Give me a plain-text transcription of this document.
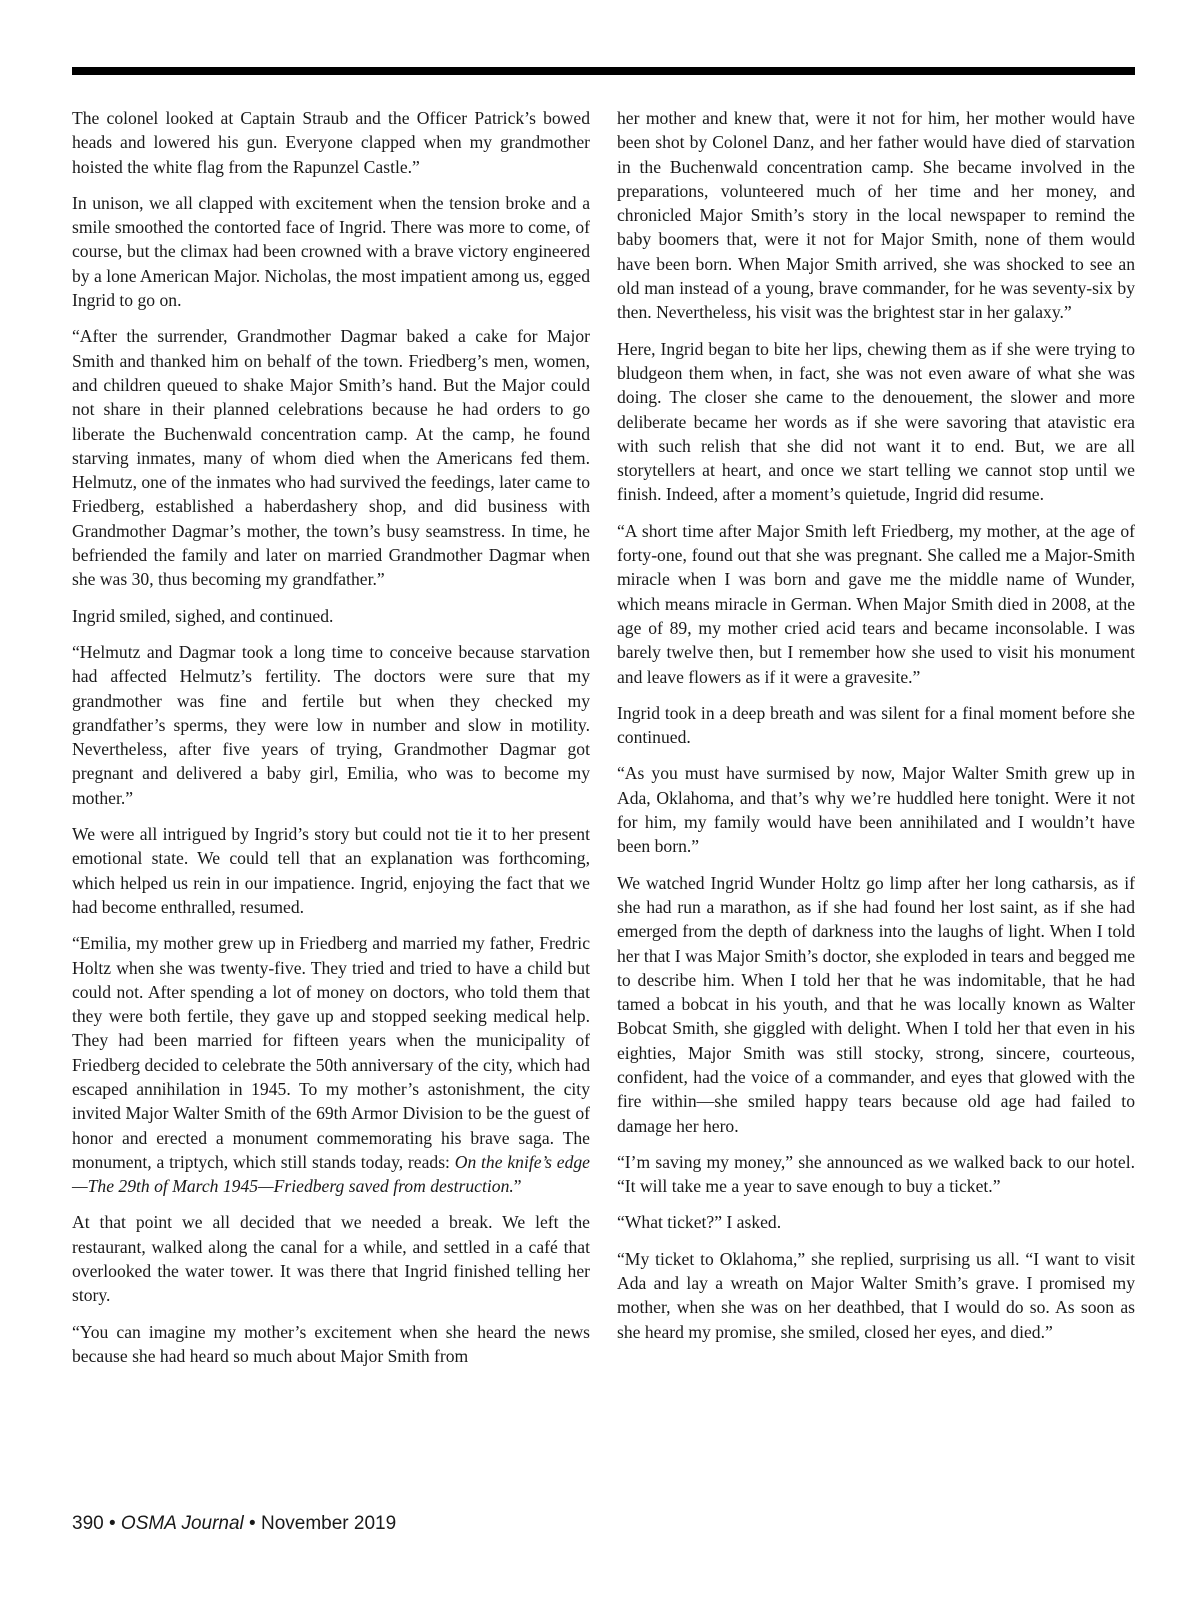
The colonel looked at Captain Straub and the Officer Patrick’s bowed heads and lowered his gun. Everyone clapped when my grandmother hoisted the white flag from the Rapunzel Castle.”

In unison, we all clapped with excitement when the tension broke and a smile smoothed the contorted face of Ingrid. There was more to come, of course, but the climax had been crowned with a brave victory engineered by a lone American Major. Nicholas, the most impatient among us, egged Ingrid to go on.

“After the surrender, Grandmother Dagmar baked a cake for Major Smith and thanked him on behalf of the town. Friedberg’s men, women, and children queued to shake Major Smith’s hand. But the Major could not share in their planned celebrations because he had orders to go liberate the Buchenwald concentration camp. At the camp, he found starving inmates, many of whom died when the Americans fed them. Helmutz, one of the inmates who had survived the feedings, later came to Friedberg, established a haberdashery shop, and did business with Grandmother Dagmar’s mother, the town’s busy seamstress. In time, he befriended the family and later on married Grandmother Dagmar when she was 30, thus becoming my grandfather.”

Ingrid smiled, sighed, and continued.

“Helmutz and Dagmar took a long time to conceive because starvation had affected Helmutz’s fertility. The doctors were sure that my grandmother was fine and fertile but when they checked my grandfather’s sperms, they were low in number and slow in motility. Nevertheless, after five years of trying, Grandmother Dagmar got pregnant and delivered a baby girl, Emilia, who was to become my mother.”

We were all intrigued by Ingrid’s story but could not tie it to her present emotional state. We could tell that an explanation was forthcoming, which helped us rein in our impatience. Ingrid, enjoying the fact that we had become enthralled, resumed.

“Emilia, my mother grew up in Friedberg and married my father, Fredric Holtz when she was twenty-five. They tried and tried to have a child but could not. After spending a lot of money on doctors, who told them that they were both fertile, they gave up and stopped seeking medical help. They had been married for fifteen years when the municipality of Friedberg decided to celebrate the 50th anniversary of the city, which had escaped annihilation in 1945. To my mother’s astonishment, the city invited Major Walter Smith of the 69th Armor Division to be the guest of honor and erected a monument commemorating his brave saga. The monument, a triptych, which still stands today, reads: On the knife’s edge—The 29th of March 1945—Friedberg saved from destruction.”

At that point we all decided that we needed a break. We left the restaurant, walked along the canal for a while, and settled in a café that overlooked the water tower. It was there that Ingrid finished telling her story.

“You can imagine my mother’s excitement when she heard the news because she had heard so much about Major Smith from

her mother and knew that, were it not for him, her mother would have been shot by Colonel Danz, and her father would have died of starvation in the Buchenwald concentration camp. She became involved in the preparations, volunteered much of her time and her money, and chronicled Major Smith’s story in the local newspaper to remind the baby boomers that, were it not for Major Smith, none of them would have been born. When Major Smith arrived, she was shocked to see an old man instead of a young, brave commander, for he was seventy-six by then. Nevertheless, his visit was the brightest star in her galaxy.”

Here, Ingrid began to bite her lips, chewing them as if she were trying to bludgeon them when, in fact, she was not even aware of what she was doing. The closer she came to the denouement, the slower and more deliberate became her words as if she were savoring that atavistic era with such relish that she did not want it to end. But, we are all storytellers at heart, and once we start telling we cannot stop until we finish. Indeed, after a moment’s quietude, Ingrid did resume.

“A short time after Major Smith left Friedberg, my mother, at the age of forty-one, found out that she was pregnant. She called me a Major-Smith miracle when I was born and gave me the middle name of Wunder, which means miracle in German. When Major Smith died in 2008, at the age of 89, my mother cried acid tears and became inconsolable. I was barely twelve then, but I remember how she used to visit his monument and leave flowers as if it were a gravesite.”

Ingrid took in a deep breath and was silent for a final moment before she continued.

“As you must have surmised by now, Major Walter Smith grew up in Ada, Oklahoma, and that’s why we’re huddled here tonight. Were it not for him, my family would have been annihilated and I wouldn’t have been born.”

We watched Ingrid Wunder Holtz go limp after her long catharsis, as if she had run a marathon, as if she had found her lost saint, as if she had emerged from the depth of darkness into the laughs of light. When I told her that I was Major Smith’s doctor, she exploded in tears and begged me to describe him. When I told her that he was indomitable, that he had tamed a bobcat in his youth, and that he was locally known as Walter Bobcat Smith, she giggled with delight. When I told her that even in his eighties, Major Smith was still stocky, strong, sincere, courteous, confident, had the voice of a commander, and eyes that glowed with the fire within—she smiled happy tears because old age had failed to damage her hero.

“I’m saving my money,” she announced as we walked back to our hotel. “It will take me a year to save enough to buy a ticket.”

“What ticket?” I asked.

“My ticket to Oklahoma,” she replied, surprising us all. “I want to visit Ada and lay a wreath on Major Walter Smith’s grave. I promised my mother, when she was on her deathbed, that I would do so. As soon as she heard my promise, she smiled, closed her eyes, and died.”

390 • OSMA Journal • November 2019
